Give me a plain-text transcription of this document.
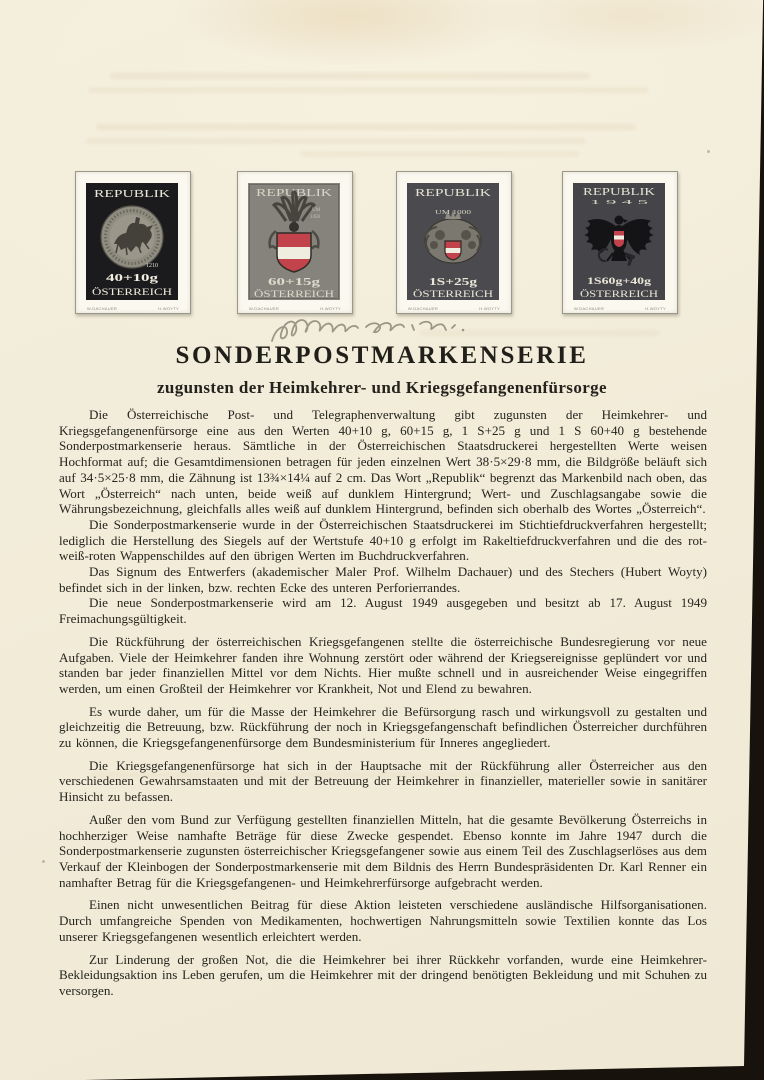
REPUBLIK
1210
40+10g
ÖSTERREICH
W.DACHAUER	H.WOYTY
REPUBLIK
UM
1450
60+15g
ÖSTERREICH
W.DACHAUER	H.WOYTY
REPUBLIK
UM 1000
1S+25g
ÖSTERREICH
W.DACHAUER	H.WOYTY
REPUBLIK
1 9 4 5
1S60g+40g
ÖSTERREICH
W.DACHAUER	H.WOYTY
SONDERPOSTMARKENSERIE
zugunsten der Heimkehrer- und Kriegsgefangenenfürsorge

Die Österreichische Post- und Telegraphenverwaltung gibt zugunsten der Heimkehrer- und Kriegsgefangenenfürsorge eine aus den Werten 40+10 g, 60+15 g, 1 S+25 g und 1 S 60+40 g bestehende Sonderpostmarkenserie heraus. Sämtliche in der Österreichischen Staatsdruckerei hergestellten Werte weisen Hochformat auf; die Gesamtdimensionen betragen für jeden einzelnen Wert 38·5×29·8 mm, die Bildgröße beläuft sich auf 34·5×25·8 mm, die Zähnung ist 13¾×14¼ auf 2 cm. Das Wort „Republik“ begrenzt das Markenbild nach oben, das Wort „Österreich“ nach unten, beide weiß auf dunklem Hintergrund; Wert- und Zuschlagsangabe sowie die Währungsbezeichnung, gleichfalls alles weiß auf dunklem Hintergrund, befinden sich oberhalb des Wortes „Österreich“.

Die Sonderpostmarkenserie wurde in der Österreichischen Staatsdruckerei im Stichtiefdruckverfahren hergestellt; lediglich die Herstellung des Siegels auf der Wertstufe 40+10 g erfolgt im Rakeltiefdruckverfahren und die des rot-weiß-roten Wappenschildes auf den übrigen Werten im Buchdruckverfahren.

Das Signum des Entwerfers (akademischer Maler Prof. Wilhelm Dachauer) und des Stechers (Hubert Woyty) befindet sich in der linken, bzw. rechten Ecke des unteren Perforierrandes.

Die neue Sonderpostmarkenserie wird am 12. August 1949 ausgegeben und besitzt ab 17. August 1949 Freimachungsgültigkeit.

Die Rückführung der österreichischen Kriegsgefangenen stellte die österreichische Bundesregierung vor neue Aufgaben. Viele der Heimkehrer fanden ihre Wohnung zerstört oder während der Kriegsereignisse geplündert vor und standen bar jeder finanziellen Mittel vor dem Nichts. Hier mußte schnell und in ausreichender Weise eingegriffen werden, um einen Großteil der Heimkehrer vor Krankheit, Not und Elend zu bewahren.

Es wurde daher, um für die Masse der Heimkehrer die Befürsorgung rasch und wirkungsvoll zu gestalten und gleichzeitig die Betreuung, bzw. Rückführung der noch in Kriegsgefangenschaft befindlichen Österreicher durchführen zu können, die Kriegsgefangenenfürsorge dem Bundesministerium für Inneres angegliedert.

Die Kriegsgefangenenfürsorge hat sich in der Hauptsache mit der Rückführung aller Österreicher aus den verschiedenen Gewahrsamstaaten und mit der Betreuung der Heimkehrer in finanzieller, materieller sowie in sanitärer Hinsicht zu befassen.

Außer den vom Bund zur Verfügung gestellten finanziellen Mitteln, hat die gesamte Bevölkerung Österreichs in hochherziger Weise namhafte Beträge für diese Zwecke gespendet. Ebenso konnte im Jahre 1947 durch die Sonderpostmarkenserie zugunsten österreichischer Kriegsgefangener sowie aus einem Teil des Zuschlagserlöses aus dem Verkauf der Kleinbogen der Sonderpostmarkenserie mit dem Bildnis des Herrn Bundespräsidenten Dr. Karl Renner ein namhafter Betrag für die Kriegsgefangenen- und Heimkehrerfürsorge aufgebracht werden.

Einen nicht unwesentlichen Beitrag für diese Aktion leisteten verschiedene ausländische Hilfsorganisationen. Durch umfangreiche Spenden von Medikamenten, hochwertigen Nahrungsmitteln sowie Textilien konnte das Los unserer Kriegsgefangenen wesentlich erleichtert werden.

Zur Linderung der großen Not, die die Heimkehrer bei ihrer Rückkehr vorfanden, wurde eine Heimkehrer-Bekleidungsaktion ins Leben gerufen, um die Heimkehrer mit der dringend benötigten Bekleidung und mit Schuhen zu versorgen.
